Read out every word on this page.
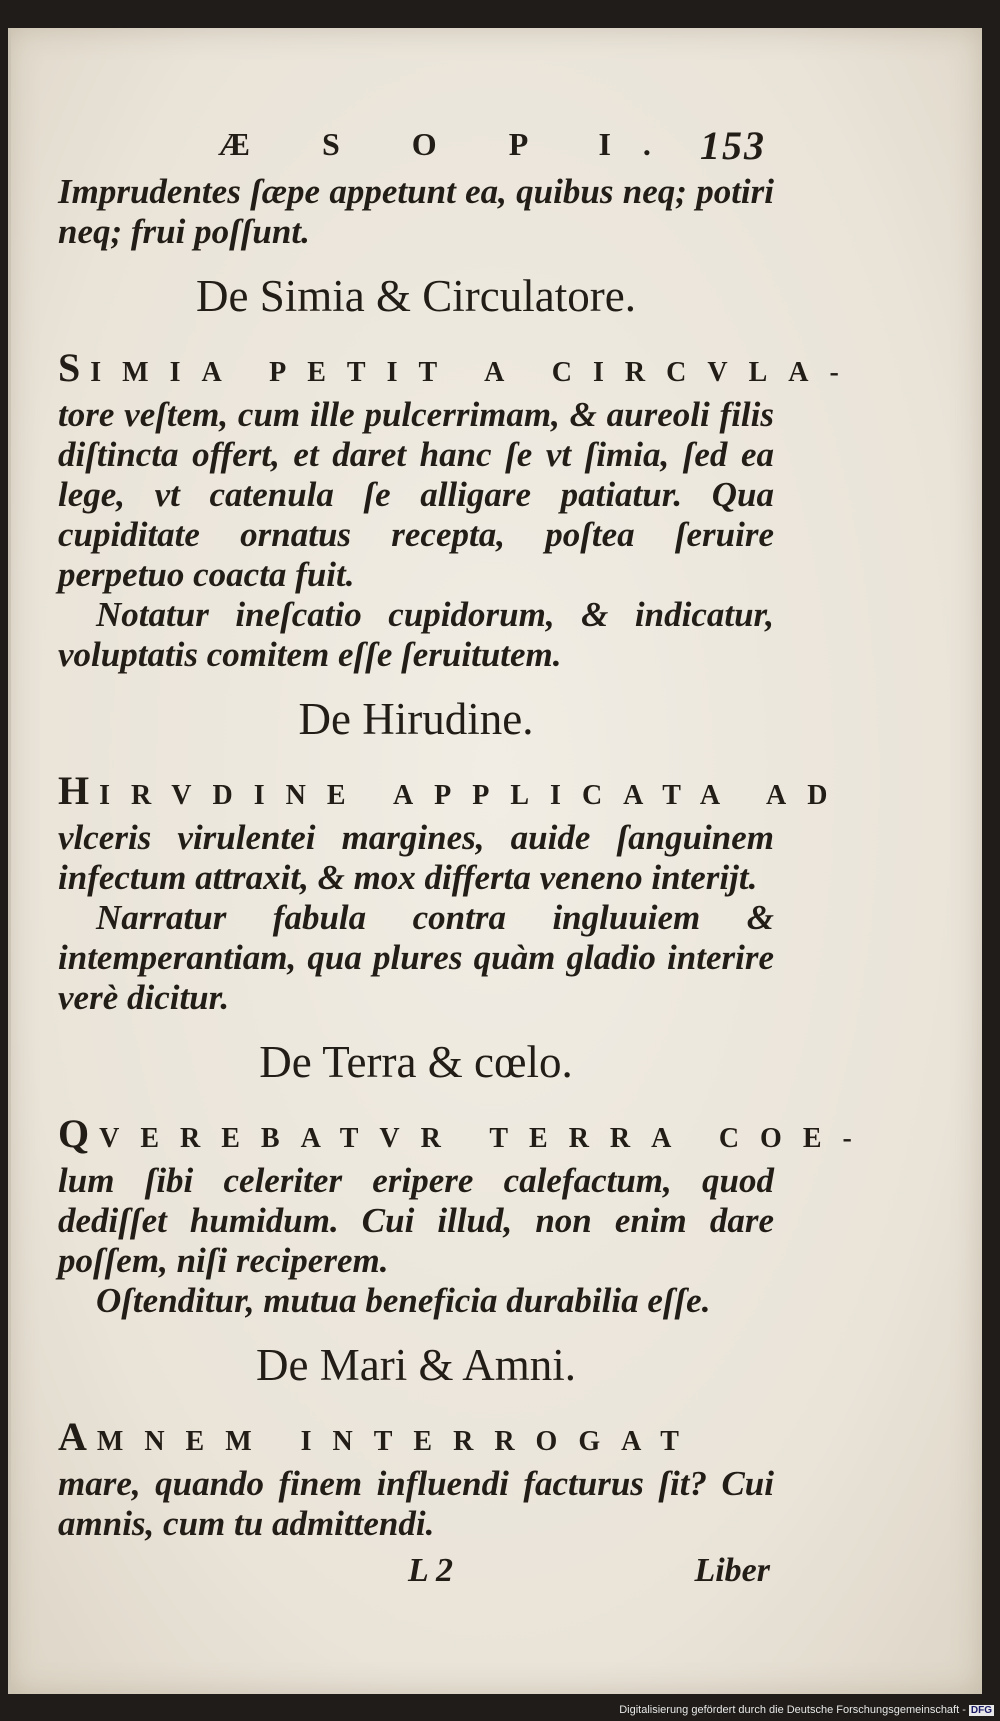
Æ S O P I. 153

Imprudentes ſæpe appetunt ea, quibus neq; potiri neq; frui poſſunt.

De Simia & Circulatore.
SIMIA PETIT A CIRCVLA-

tore veſtem, cum ille pulcerrimam, & aureoli filis diſtincta offert, et daret hanc ſe vt ſimia, ſed ea lege, vt catenula ſe alligare patiatur. Qua cupiditate ornatus recepta, poſtea ſeruire perpetuo coacta fuit.

Notatur ineſcatio cupidorum, & indicatur, voluptatis comitem eſſe ſeruitutem.

De Hirudine.
HIRVDINE APPLICATA AD

vlceris virulentei margines, auide ſanguinem infectum attraxit, & mox differta veneno interijt.

Narratur fabula contra ingluuiem & intemperantiam, qua plures quàm gladio interire verè dicitur.

De Terra & cœlo.
QVEREBATVR TERRA COE-

lum ſibi celeriter eripere calefactum, quod dediſſet humidum. Cui illud, non enim dare poſſem, niſi reciperem.

Oſtenditur, mutua beneficia durabilia eſſe.

De Mari & Amni.
AMNEM INTERROGAT

mare, quando finem influendi facturus ſit? Cui amnis, cum tu admittendi.

L 2	Liber
Digitalisierung gefördert durch die Deutsche Forschungsgemeinschaft - DFG
